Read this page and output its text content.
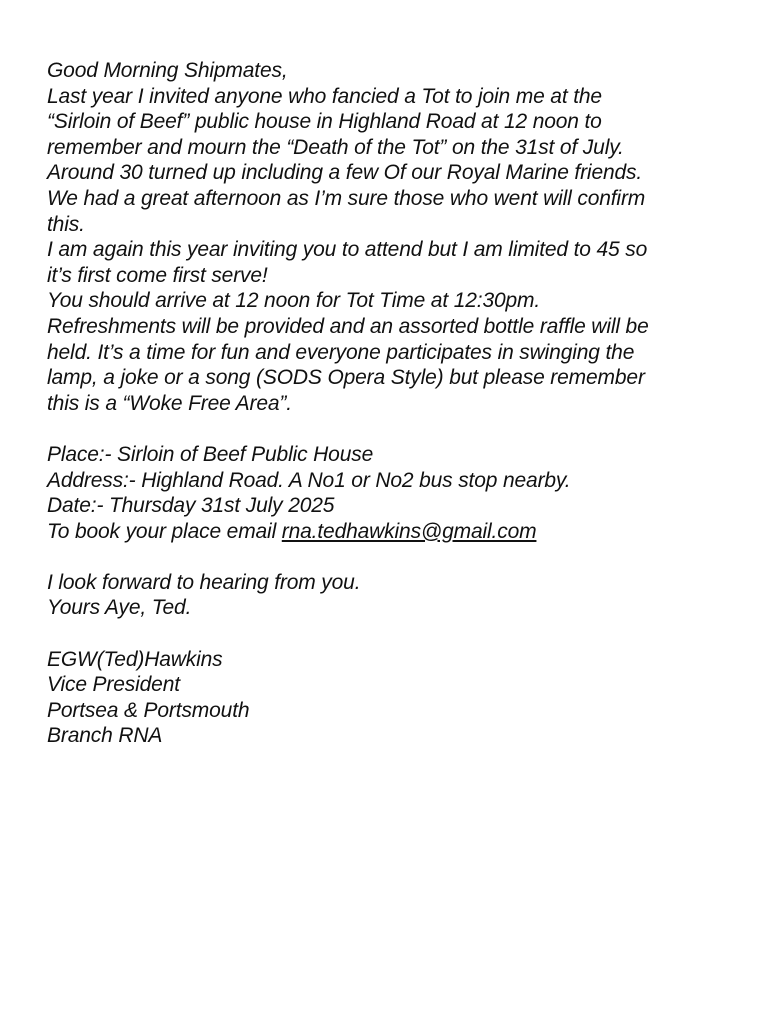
Good Morning Shipmates,
Last year I invited anyone who fancied a Tot to join me at the
“Sirloin of Beef” public house in Highland Road at 12 noon to
remember and mourn the “Death of the Tot” on the 31st of July.
Around 30 turned up including a few Of our Royal Marine friends.
We had a great afternoon as I’m sure those who went will confirm
this.
I am again this year inviting you to attend but I am limited to 45 so
it’s first come first serve!
You should arrive at 12 noon for Tot Time at 12:30pm.
Refreshments will be provided and an assorted bottle raffle will be
held. It’s a time for fun and everyone participates in swinging the
lamp, a joke or a song (SODS Opera Style) but please remember
this is a “Woke Free Area”.
Place:- Sirloin of Beef Public House
Address:- Highland Road. A No1 or No2 bus stop nearby.
Date:- Thursday 31st July 2025
To book your place email rna.tedhawkins@gmail.com
I look forward to hearing from you.
Yours Aye, Ted.
EGW(Ted)Hawkins
Vice President
Portsea & Portsmouth
Branch RNA
